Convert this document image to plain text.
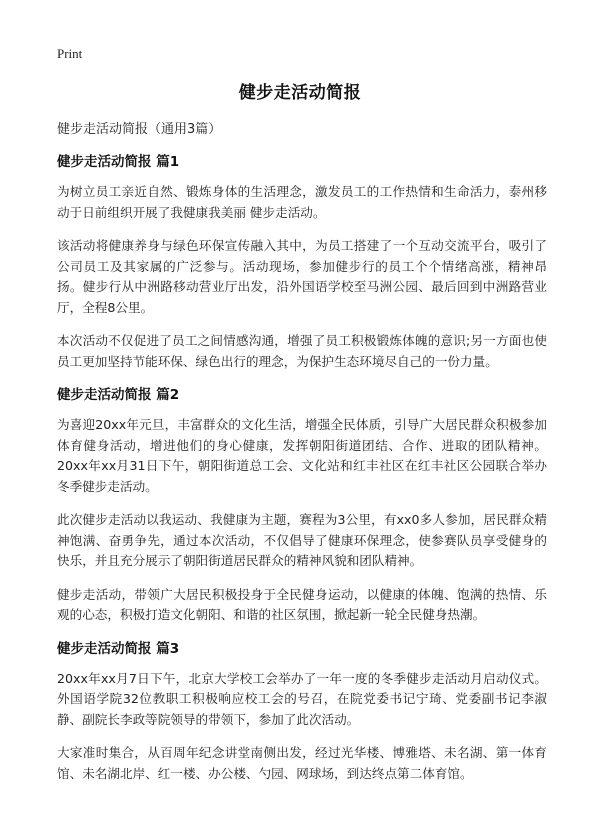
Print
健步走活动简报

健步走活动简报（通用3篇）

健步走活动简报 篇1

为树立员工亲近自然、锻炼身体的生活理念，激发员工的工作热情和生命活力，泰州移动于日前组织开展了我健康我美丽 健步走活动。

该活动将健康养身与绿色环保宣传融入其中，为员工搭建了一个互动交流平台，吸引了公司员工及其家属的广泛参与。活动现场，参加健步行的员工个个情绪高涨，精神昂扬。健步行从中洲路移动营业厅出发，沿外国语学校至马洲公园、最后回到中洲路营业厅，全程8公里。

本次活动不仅促进了员工之间情感沟通，增强了员工积极锻炼体魄的意识;另一方面也使员工更加坚持节能环保、绿色出行的理念，为保护生态环境尽自己的一份力量。

健步走活动简报 篇2

为喜迎20xx年元旦，丰富群众的文化生活，增强全民体质，引导广大居民群众积极参加体育健身活动，增进他们的身心健康，发挥朝阳街道团结、合作、进取的团队精神。20xx年xx月31日下午，朝阳街道总工会、文化站和红丰社区在红丰社区公园联合举办冬季健步走活动。

此次健步走活动以我运动、我健康为主题，赛程为3公里，有xx0多人参加，居民群众精神饱满、奋勇争先，通过本次活动，不仅倡导了健康环保理念，使参赛队员享受健身的快乐，并且充分展示了朝阳街道居民群众的精神风貌和团队精神。

健步走活动，带领广大居民积极投身于全民健身运动，以健康的体魄、饱满的热情、乐观的心态，积极打造文化朝阳、和谐的社区氛围，掀起新一轮全民健身热潮。

健步走活动简报 篇3

20xx年xx月7日下午，北京大学校工会举办了一年一度的冬季健步走活动月启动仪式。外国语学院32位教职工积极响应校工会的号召，在院党委书记宁琦、党委副书记李淑静、副院长李政等院领导的带领下，参加了此次活动。

大家准时集合，从百周年纪念讲堂南侧出发，经过光华楼、博雅塔、未名湖、第一体育馆、未名湖北岸、红一楼、办公楼、勺园、网球场，到达终点第二体育馆。
